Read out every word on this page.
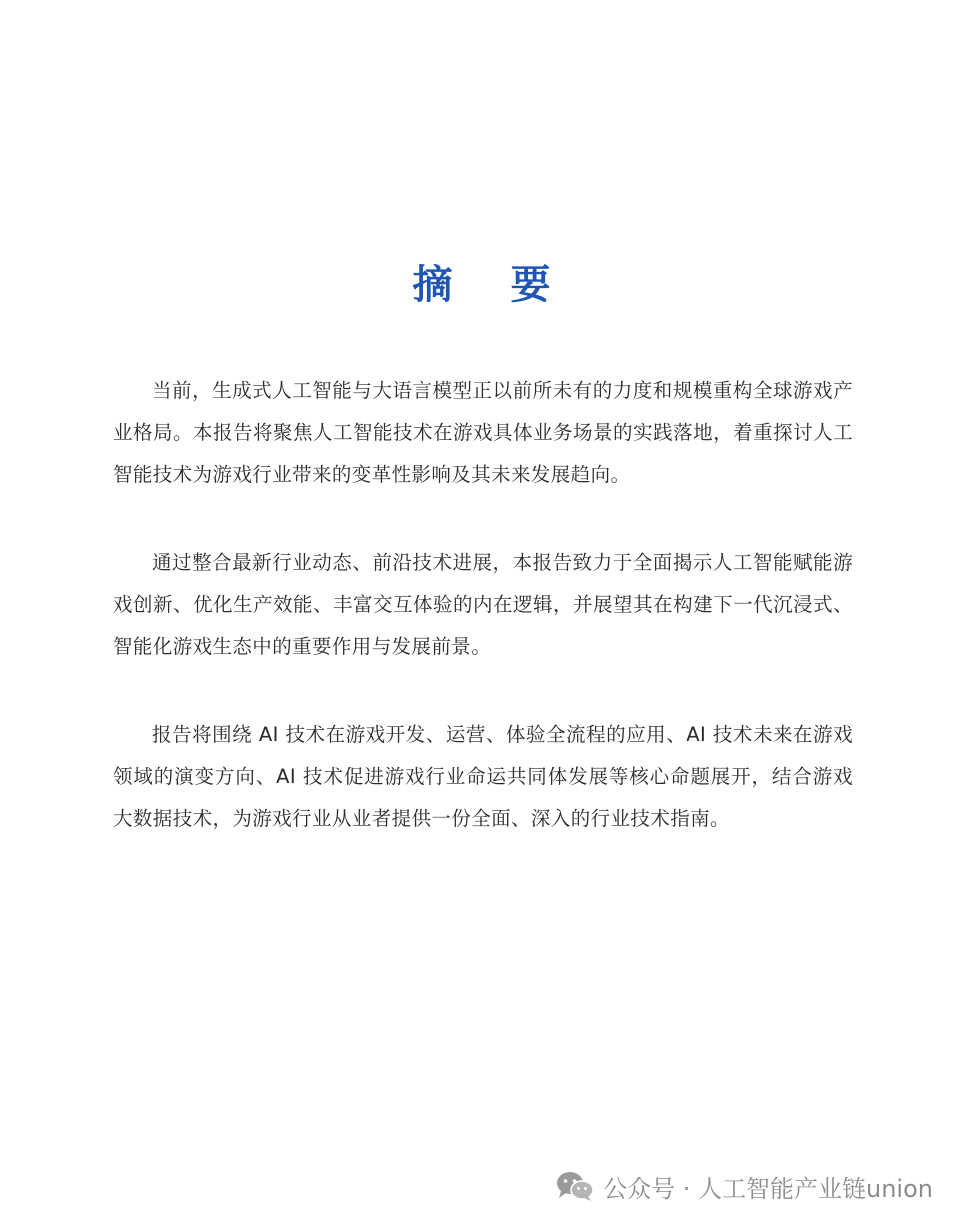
摘 要

当前，生成式人工智能与大语言模型正以前所未有的力度和规模重构全球游戏产业格局。本报告将聚焦人工智能技术在游戏具体业务场景的实践落地，着重探讨人工智能技术为游戏行业带来的变革性影响及其未来发展趋向。

通过整合最新行业动态、前沿技术进展，本报告致力于全面揭示人工智能赋能游戏创新、优化生产效能、丰富交互体验的内在逻辑，并展望其在构建下一代沉浸式、智能化游戏生态中的重要作用与发展前景。

报告将围绕 AI 技术在游戏开发、运营、体验全流程的应用、AI 技术未来在游戏领域的演变方向、AI 技术促进游戏行业命运共同体发展等核心命题展开，结合游戏大数据技术，为游戏行业从业者提供一份全面、深入的行业技术指南。

公众号 · 人工智能产业链union
